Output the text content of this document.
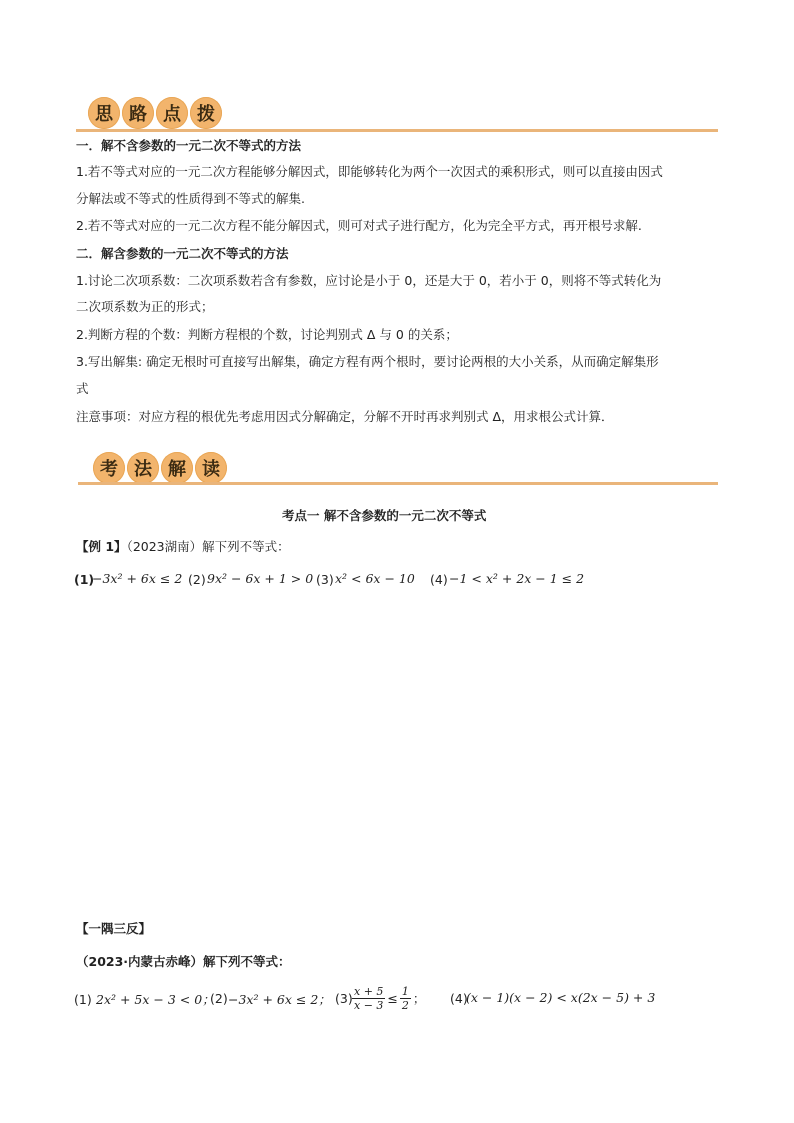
思 路 点 拨
一．解不含参数的一元二次不等式的方法
1.若不等式对应的一元二次方程能够分解因式，即能够转化为两个一次因式的乘积形式，则可以直接由因式
分解法或不等式的性质得到不等式的解集.
2.若不等式对应的一元二次方程不能分解因式，则可对式子进行配方，化为完全平方式，再开根号求解.
二．解含参数的一元二次不等式的方法
1.讨论二次项系数：二次项系数若含有参数，应讨论是小于 0，还是大于 0，若小于 0，则将不等式转化为
二次项系数为正的形式；
2.判断方程的个数：判断方程根的个数，讨论判别式 Δ 与 0 的关系；
3.写出解集: 确定无根时可直接写出解集，确定方程有两个根时，要讨论两根的大小关系，从而确定解集形
式
注意事项：对应方程的根优先考虑用因式分解确定，分解不开时再求判别式 Δ，用求根公式计算．
考 法 解 读
考点一 解不含参数的一元二次不等式
【例 1】（2023湖南）解下列不等式：
(1)
−3x² + 6x ≤ 2 (2) 9x² − 6x + 1 > 0 (3) x² < 6x − 10 (4) −1 < x² + 2x − 1 ≤ 2
【一隅三反】
（2023·内蒙古赤峰）解下列不等式：
(1) 2x² + 5x − 3 < 0；
(2) −3x² + 6x ≤ 2； $(3) \frac{x + 5}{x - 3} \le \frac{1}{2}$ ； (4)
(x − 1)(x − 2) < x(2x − 5) + 3
